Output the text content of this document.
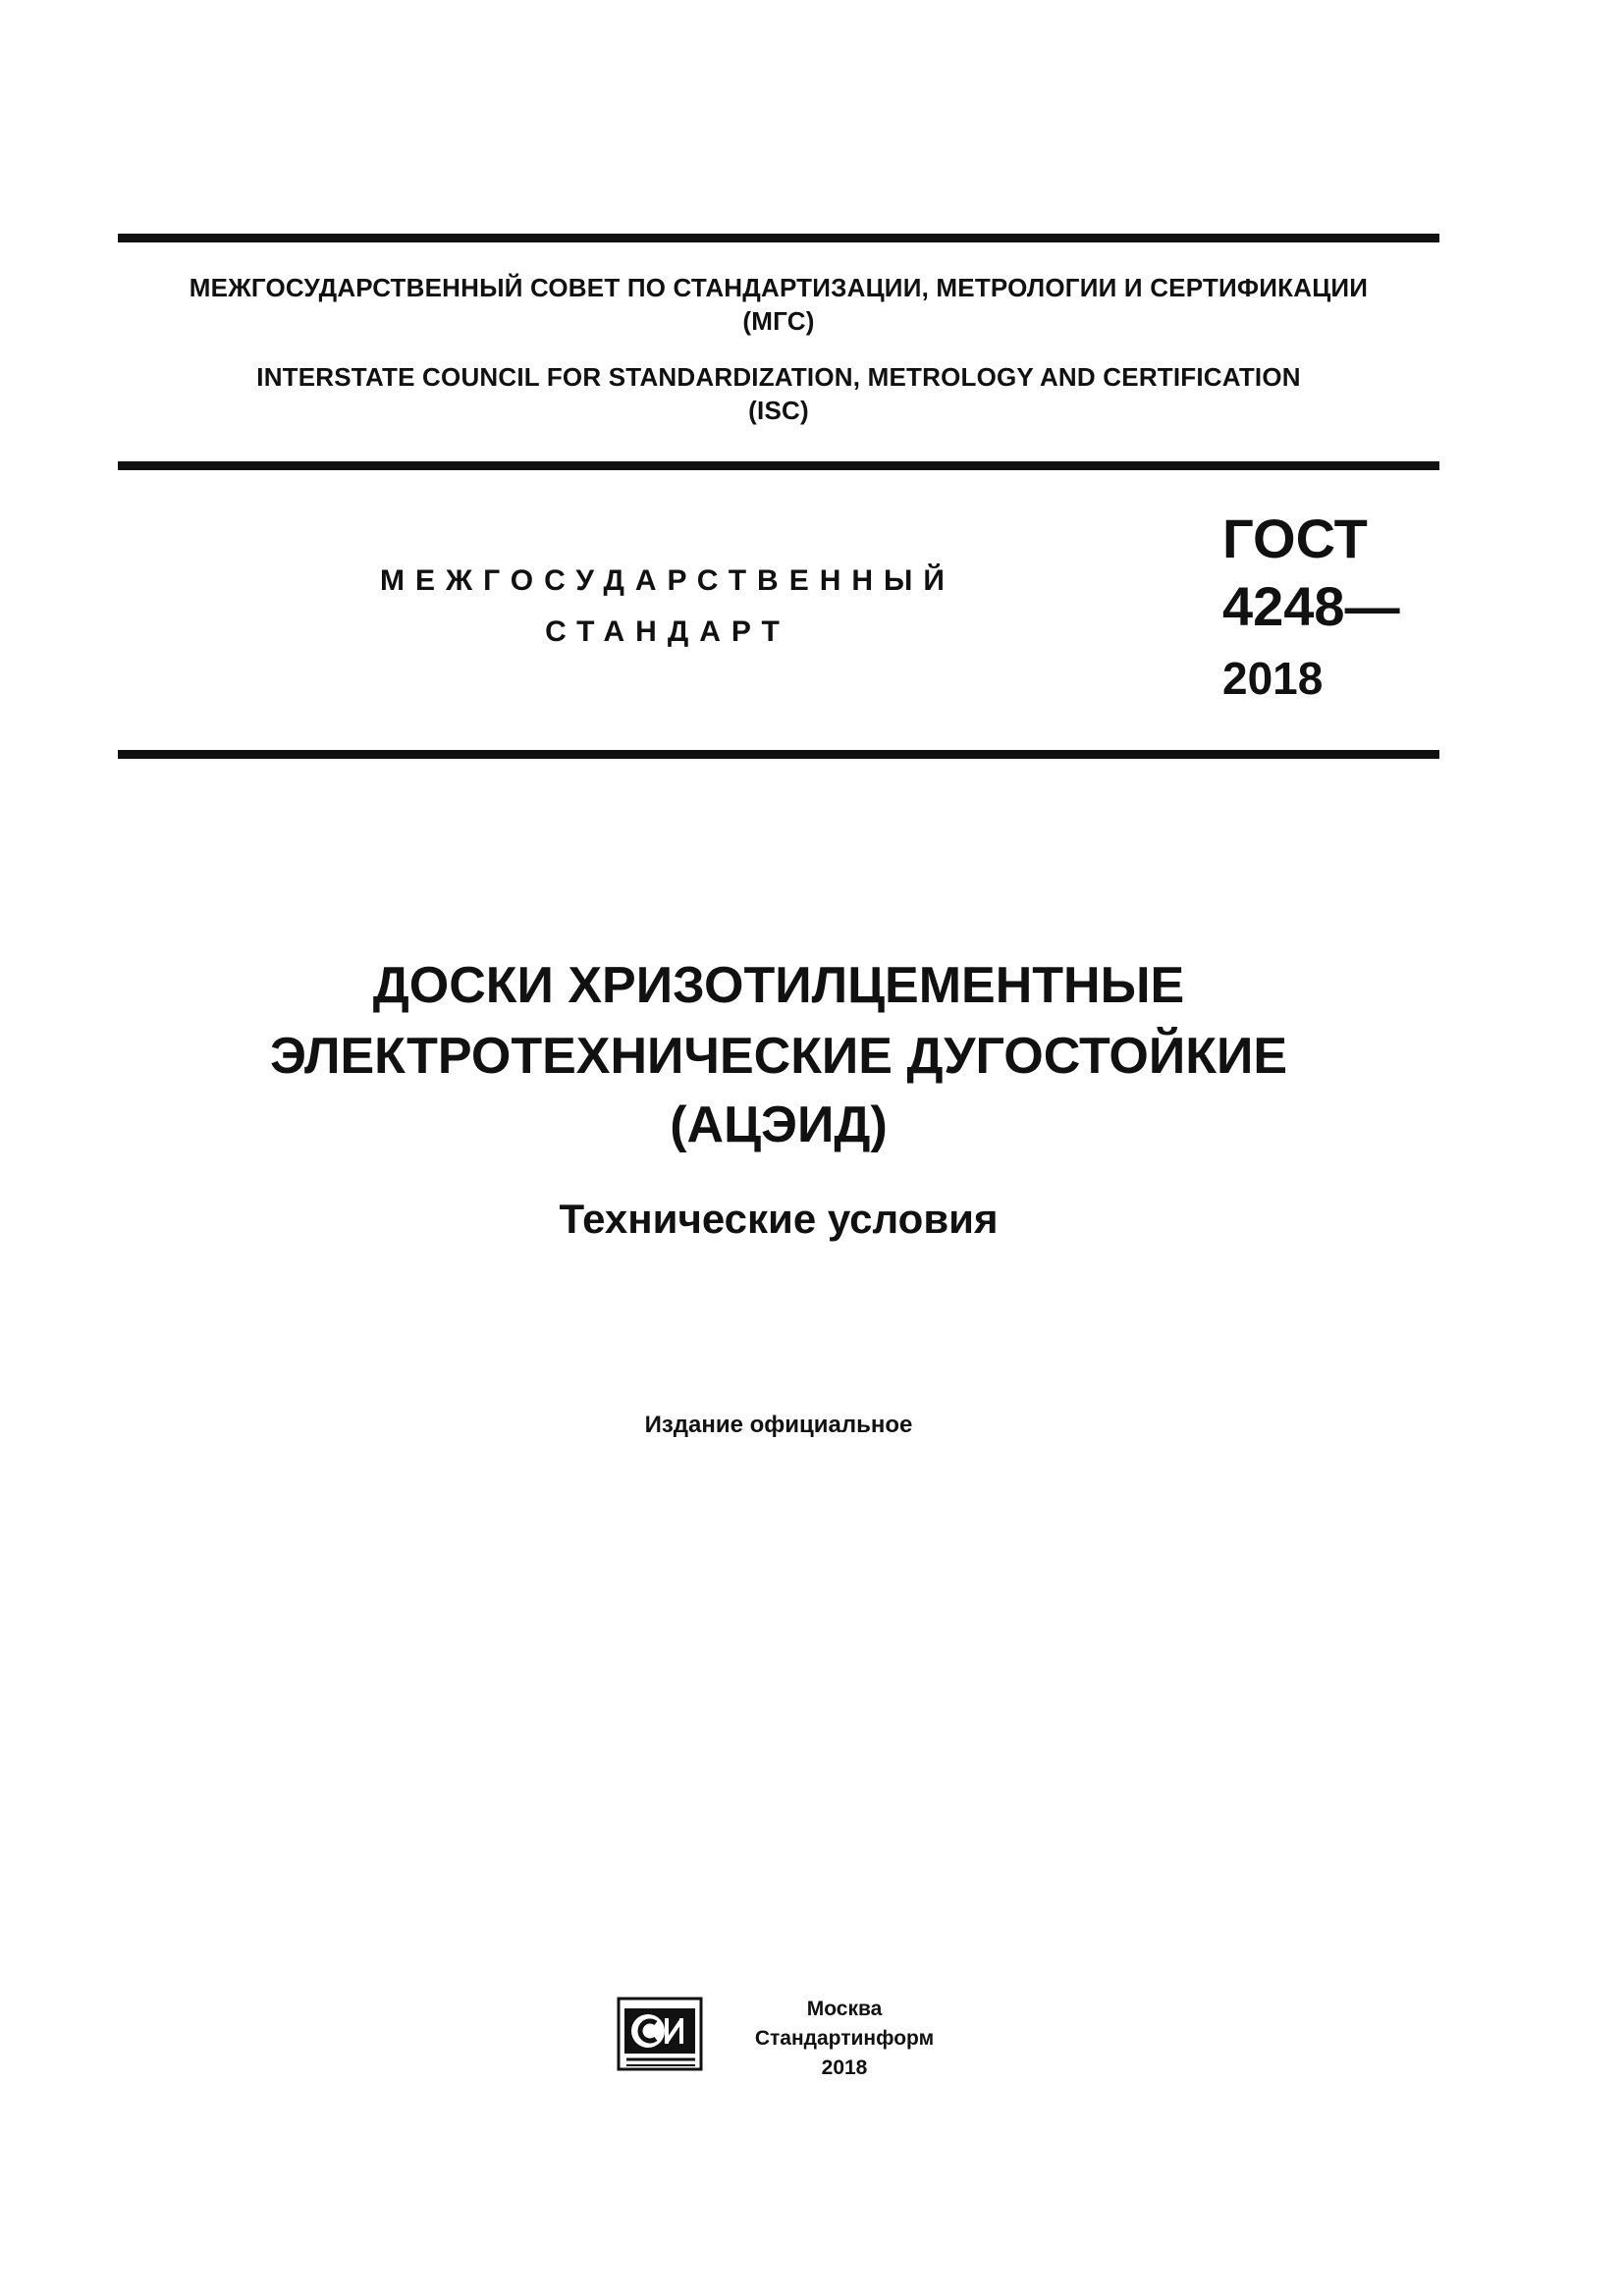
МЕЖГОСУДАРСТВЕННЫЙ СОВЕТ ПО СТАНДАРТИЗАЦИИ, МЕТРОЛОГИИ И СЕРТИФИКАЦИИ
(МГС)
INTERSTATE COUNCIL FOR STANDARDIZATION, METROLOGY AND CERTIFICATION
(ISC)
МЕЖГОСУДАРСТВЕННЫЙ
СТАНДАРТ
ГОСТ
4248—
2018
ДОСКИ ХРИЗОТИЛЦЕМЕНТНЫЕ
ЭЛЕКТРОТЕХНИЧЕСКИЕ ДУГОСТОЙКИЕ
(АЦЭИД)
Технические условия
Издание официальное
Москва
Стандартинформ
2018
